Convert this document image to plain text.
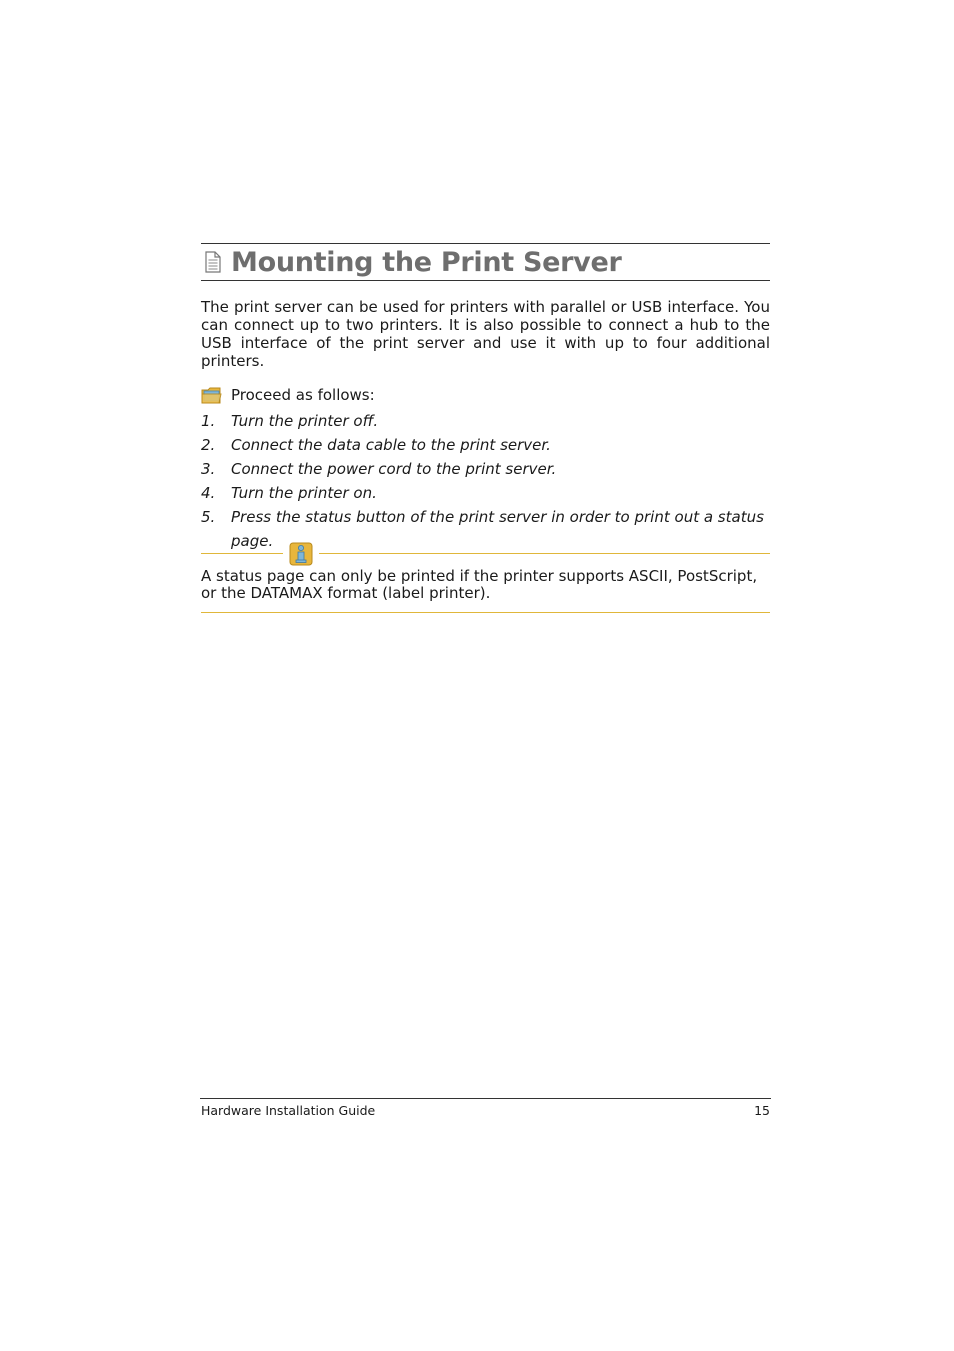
Mounting the Print Server

The print server can be used for printers with parallel or USB interface. You can connect up to two printers. It is also possible to connect a hub to the USB interface of the print server and use it with up to four additional printers.

Proceed as follows:
1.	Turn the printer off.
2.	Connect the data cable to the print server.
3.	Connect the power cord to the print server.
4.	Turn the printer on.
5.	Press the status button of the print server in order to print out a status page.
A status page can only be printed if the printer supports ASCII, PostScript, or the DATAMAX format (label printer).
Hardware Installation Guide	15
